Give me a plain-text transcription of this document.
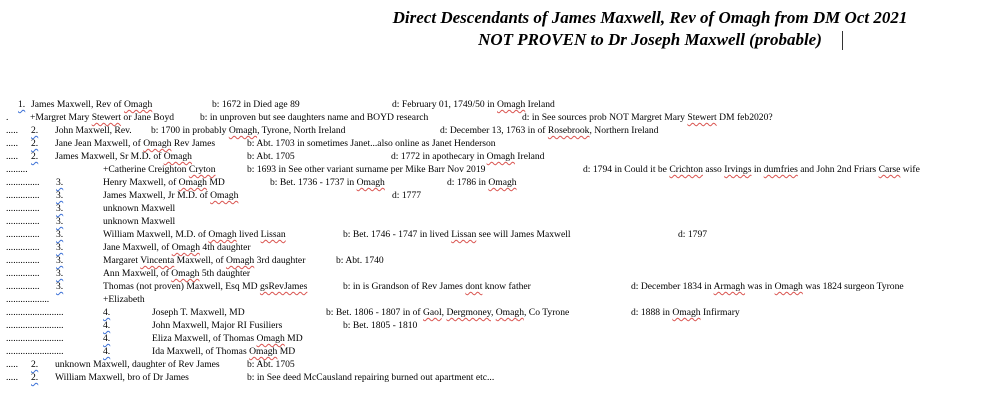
Direct Descendants of James Maxwell, Rev of Omagh from DM Oct 2021
NOT PROVEN to Dr Joseph Maxwell (probable)
1. James Maxwell, Rev of Omagh	b: 1672 in Died age 89	d: February 01, 1749/50 in Omagh Ireland
. +Margret Mary Stewert or Jane Boyd	b: in unproven but see daughters name and BOYD research	d: in See sources prob NOT Margret Mary Stewert DM feb2020?
..... 2. John Maxwell, Rev. b: 1700 in probably Omagh, Tyrone, North Ireland	d: December 13, 1763 in of Rosebrook, Northern Ireland
..... 2. Jane Jean Maxwell, of Omagh Rev James	b: Abt. 1703 in sometimes Janet...also online as Janet Henderson
..... 2. James Maxwell, Sr M.D. of Omagh	b: Abt. 1705	d: 1772 in apothecary in Omagh Ireland
.........	+Catherine Creighton Cryton	b: 1693 in See other variant surname per Mike Barr Nov 2019	d: 1794 in Could it be Crichton asso Irvings in dumfries and John 2nd Friars Carse wife
.............. 3.	Henry Maxwell, of Omagh MD	b: Bet. 1736 - 1737 in Omagh	d: 1786 in Omagh
.............. 3.	James Maxwell, Jr M.D. of Omagh	d: 1777
.............. 3.	unknown Maxwell
.............. 3.	unknown Maxwell
.............. 3.	William Maxwell, M.D. of Omagh lived Lissan	b: Bet. 1746 - 1747 in lived Lissan see will James Maxwell	d: 1797
.............. 3.	Jane Maxwell, of Omagh 4th daughter
.............. 3.	Margaret Vincenta Maxwell, of Omagh 3rd daughter	b: Abt. 1740
.............. 3.	Ann Maxwell, of Omagh 5th daughter
.............. 3.	Thomas (not proven) Maxwell, Esq MD gsRevJames	b: in is Grandson of Rev James dont know father	d: December 1834 in Armagh was in Omagh was 1824 surgeon Tyrone
..................	+Elizabeth
........................	4.	Joseph T. Maxwell, MD	b: Bet. 1806 - 1807 in of Gaol, Dergmoney, Omagh, Co Tyrone	d: 1888 in Omagh Infirmary
........................	4.	John Maxwell, Major RI Fusiliers	b: Bet. 1805 - 1810
........................	4.	Eliza Maxwell, of Thomas Omagh MD
........................	4.	Ida Maxwell, of Thomas Omagh MD
..... 2. unknown Maxwell, daughter of Rev James	b: Abt. 1705
..... 2. William Maxwell, bro of Dr James	b: in See deed McCausland repairing burned out apartment etc...
